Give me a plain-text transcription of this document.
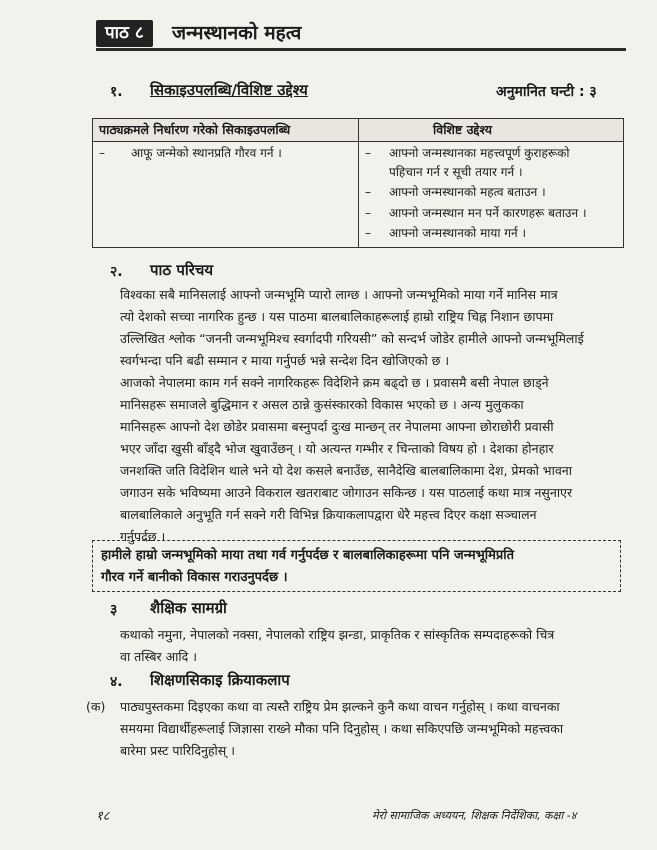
पाठ ८	जन्मस्थानको महत्व
१. सिकाइउपलब्धि/विशिष्ट उद्देश्य	अनुमानित घन्टी : ३
पाठ्यक्रमले निर्धारण गरेको सिकाइउपलब्धि	विशिष्ट उद्देश्य
– आफू जन्मेको स्थानप्रति गौरव गर्न ।	– आफ्नो जन्मस्थानका महत्त्वपूर्ण कुराहरूको
पहिचान गर्न र सूची तयार गर्न ।
– आफ्नो जन्मस्थानको महत्व बताउन ।
– आफ्नो जन्मस्थान मन पर्ने कारणहरू बताउन ।
– आफ्नो जन्मस्थानको माया गर्न ।
२. पाठ परिचय
विश्वका सबै मानिसलाई आफ्नो जन्मभूमि प्यारो लाग्छ । आफ्नो जन्मभूमिको माया गर्ने मानिस मात्र
त्यो देशको सच्चा नागरिक हुन्छ । यस पाठमा बालबालिकाहरूलाई हाम्रो राष्ट्रिय चिह्न निशान छापमा
उल्लिखित श्लोक “जननी जन्मभूमिश्च स्वर्गादपी गरियसी” को सन्दर्भ जोडेर हामीले आफ्नो जन्मभूमिलाई
स्वर्गभन्दा पनि बढी सम्मान र माया गर्नुपर्छ भन्ने सन्देश दिन खोजिएको छ ।
आजको नेपालमा काम गर्न सक्ने नागरिकहरू विदेशिने क्रम बढ्दो छ । प्रवासमै बसी नेपाल छाड्ने
मानिसहरू समाजले बुद्धिमान र असल ठान्ने कुसंस्कारको विकास भएको छ । अन्य मुलुकका
मानिसहरू आफ्नो देश छोडेर प्रवासमा बस्नुपर्दा दुःख मान्छन् तर नेपालमा आफ्ना छोराछोरी प्रवासी
भएर जाँदा खुसी बाँड्दै भोज खुवाउँछन् । यो अत्यन्त गम्भीर र चिन्ताको विषय हो । देशका होनहार
जनशक्ति जति विदेशिन थाले भने यो देश कसले बनाउँछ, सानैदेखि बालबालिकामा देश, प्रेमको भावना
जगाउन सके भविष्यमा आउने विकराल खतराबाट जोगाउन सकिन्छ । यस पाठलाई कथा मात्र नसुनाएर
बालबालिकाले अनुभूति गर्न सक्ने गरी विभिन्न क्रियाकलापद्वारा धेरै महत्त्व दिएर कक्षा सञ्चालन
गर्नुपर्दछ ।
हामीले हाम्रो जन्मभूमिको माया तथा गर्व गर्नुपर्दछ र बालबालिकाहरूमा पनि जन्मभूमिप्रति
गौरव गर्ने बानीको विकास गराउनुपर्दछ ।
३ शैक्षिक सामग्री
कथाको नमुना, नेपालको नक्सा, नेपालको राष्ट्रिय झन्डा, प्राकृतिक र सांस्कृतिक सम्पदाहरूको चित्र
वा तस्बिर आदि ।
४. शिक्षणसिकाइ क्रियाकलाप
(क) पाठ्यपुस्तकमा दिइएका कथा वा त्यस्तै राष्ट्रिय प्रेम झल्कने कुनै कथा वाचन गर्नुहोस् । कथा वाचनका
समयमा विद्यार्थीहरूलाई जिज्ञासा राख्ने मौका पनि दिनुहोस् । कथा सकिएपछि जन्मभूमिको महत्त्वका
बारेमा प्रस्ट पारिदिनुहोस् ।
१८	मेरो सामाजिक अध्ययन, शिक्षक निर्देशिका, कक्षा -४
